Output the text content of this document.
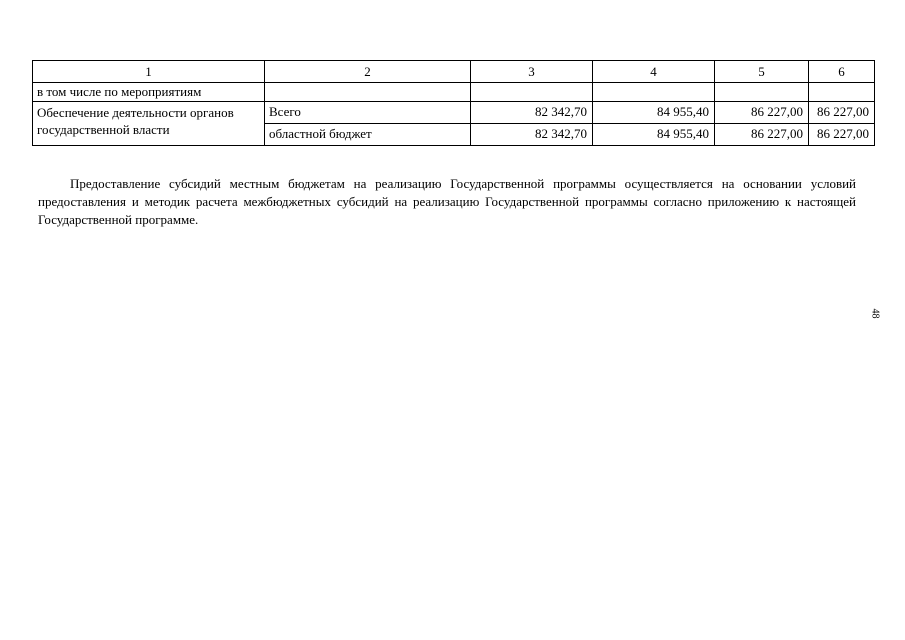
1	2	3	4	5	6
в том числе по мероприятиям					
Обеспечение деятельности органов государственной власти	Всего	82 342,70	84 955,40	86 227,00	86 227,00
	областной бюджет	82 342,70	84 955,40	86 227,00	86 227,00

Предоставление субсидий местным бюджетам на реализацию Государственной программы осуществляется на основании условий предоставления и методик расчета межбюджетных субсидий на реализацию Государственной программы согласно приложению к настоящей Государственной программе.

48
